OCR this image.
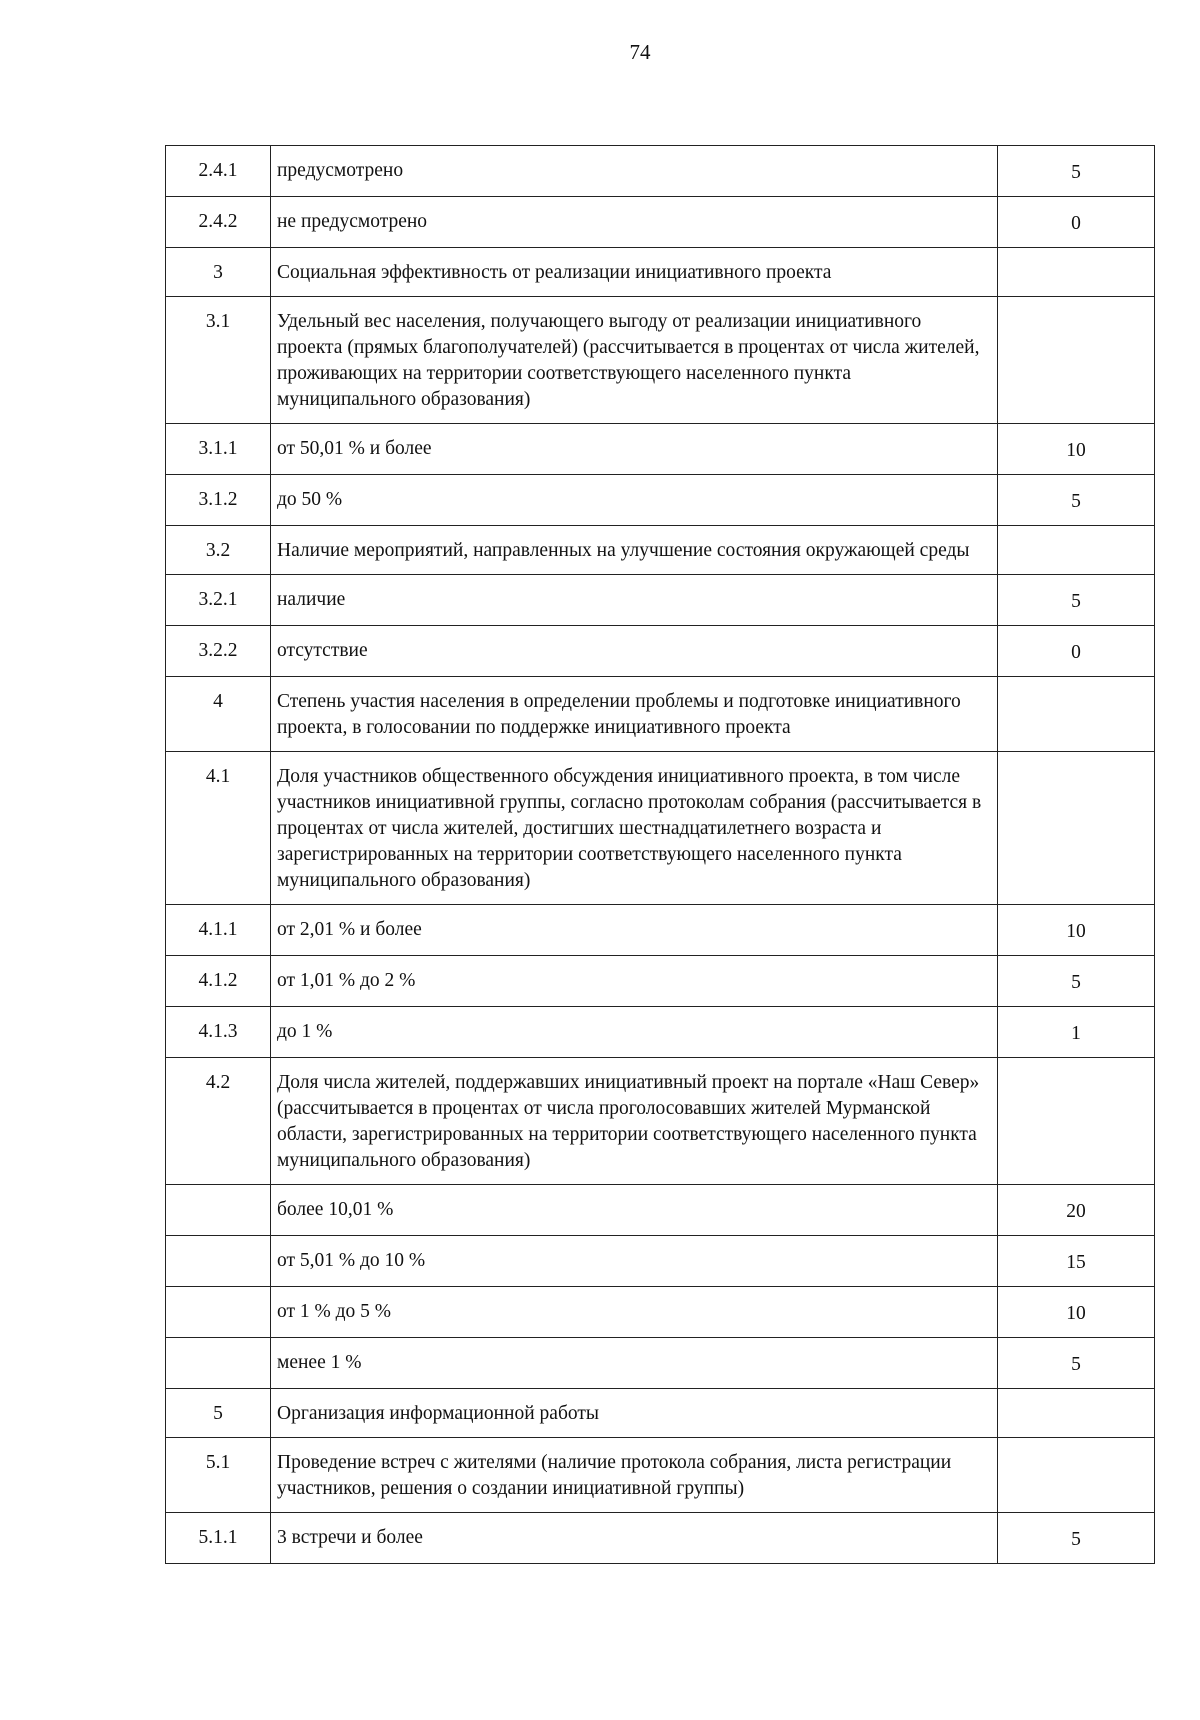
74
2.4.1	предусмотрено	5
2.4.2	не предусмотрено	0
3	Социальная эффективность от реализации инициативного проекта	
3.1	Удельный вес населения, получающего выгоду от реализации инициативного проекта (прямых благополучателей) (рассчитывается в процентах от числа жителей, проживающих на территории соответствующего населенного пункта муниципального образования)	
3.1.1	от 50,01 % и более	10
3.1.2	до 50 %	5
3.2	Наличие мероприятий, направленных на улучшение состояния окружающей среды	
3.2.1	наличие	5
3.2.2	отсутствие	0
4	Степень участия населения в определении проблемы и подготовке инициативного проекта, в голосовании по поддержке инициативного проекта	
4.1	Доля участников общественного обсуждения инициативного проекта, в том числе участников инициативной группы, согласно протоколам собрания (рассчитывается в процентах от числа жителей, достигших шестнадцатилетнего возраста и зарегистрированных на территории соответствующего населенного пункта муниципального образования)	
4.1.1	от 2,01 % и более	10
4.1.2	от 1,01 % до 2 %	5
4.1.3	до 1 %	1
4.2	Доля числа жителей, поддержавших инициативный проект на портале «Наш Север» (рассчитывается в процентах от числа проголосовавших жителей Мурманской области, зарегистрированных на территории соответствующего населенного пункта муниципального образования)	
	более 10,01 %	20
	от 5,01 % до 10 %	15
	от 1 % до 5 %	10
	менее 1 %	5
5	Организация информационной работы	
5.1	Проведение встреч с жителями (наличие протокола собрания, листа регистрации участников, решения о создании инициативной группы)	
5.1.1	3 встречи и более	5
